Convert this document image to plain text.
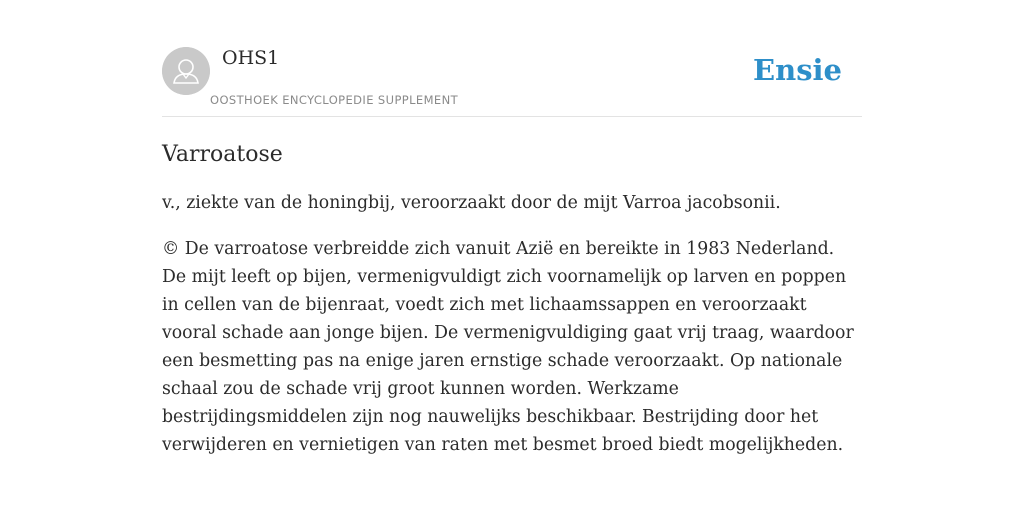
OHS1
OOSTHOEK ENCYCLOPEDIE SUPPLEMENT
Ensie
Varroatose

v., ziekte van de honingbij, veroorzaakt door de mijt Varroa jacobsonii.

© De varroatose verbreidde zich vanuit Azië en bereikte in 1983 Nederland. De mijt leeft op bijen, vermenigvuldigt zich voornamelijk op larven en poppen in cellen van de bijenraat, voedt zich met lichaamssappen en veroorzaakt vooral schade aan jonge bijen. De vermenigvuldiging gaat vrij traag, waardoor een besmetting pas na enige jaren ernstige schade veroorzaakt. Op nationale schaal zou de schade vrij groot kunnen worden. Werkzame bestrijdingsmiddelen zijn nog nauwelijks beschikbaar. Bestrijding door het verwijderen en vernietigen van raten met besmet broed biedt mogelijkheden.
